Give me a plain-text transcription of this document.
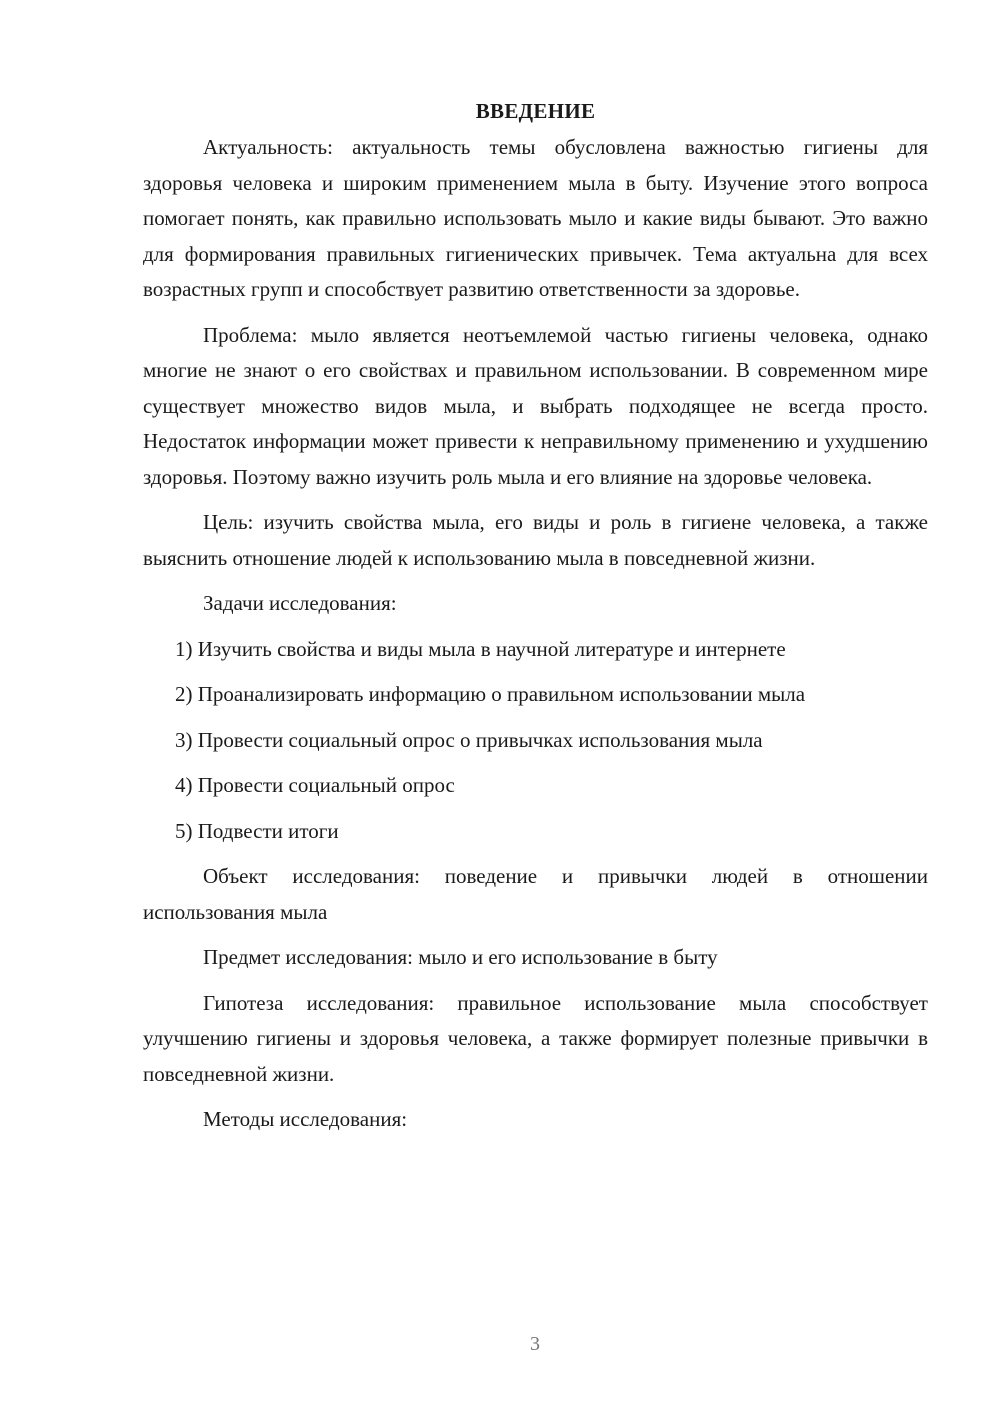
ВВЕДЕНИЕ

Актуальность: актуальность темы обусловлена важностью гигиены для здоровья человека и широким применением мыла в быту. Изучение этого вопроса помогает понять, как правильно использовать мыло и какие виды бывают. Это важно для формирования правильных гигиенических привычек. Тема актуальна для всех возрастных групп и способствует развитию ответственности за здоровье.

Проблема: мыло является неотъемлемой частью гигиены человека, однако многие не знают о его свойствах и правильном использовании. В современном мире существует множество видов мыла, и выбрать подходящее не всегда просто. Недостаток информации может привести к неправильному применению и ухудшению здоровья. Поэтому важно изучить роль мыла и его влияние на здоровье человека.

Цель: изучить свойства мыла, его виды и роль в гигиене человека, а также выяснить отношение людей к использованию мыла в повседневной жизни.

Задачи исследования:

1) Изучить свойства и виды мыла в научной литературе и интернете

2) Проанализировать информацию о правильном использовании мыла

3) Провести социальный опрос о привычках использования мыла

4) Провести социальный опрос

5) Подвести итоги

Объект исследования: поведение и привычки людей в отношении использования мыла

Предмет исследования: мыло и его использование в быту

Гипотеза исследования: правильное использование мыла способствует улучшению гигиены и здоровья человека, а также формирует полезные привычки в повседневной жизни.

Методы исследования:

3
